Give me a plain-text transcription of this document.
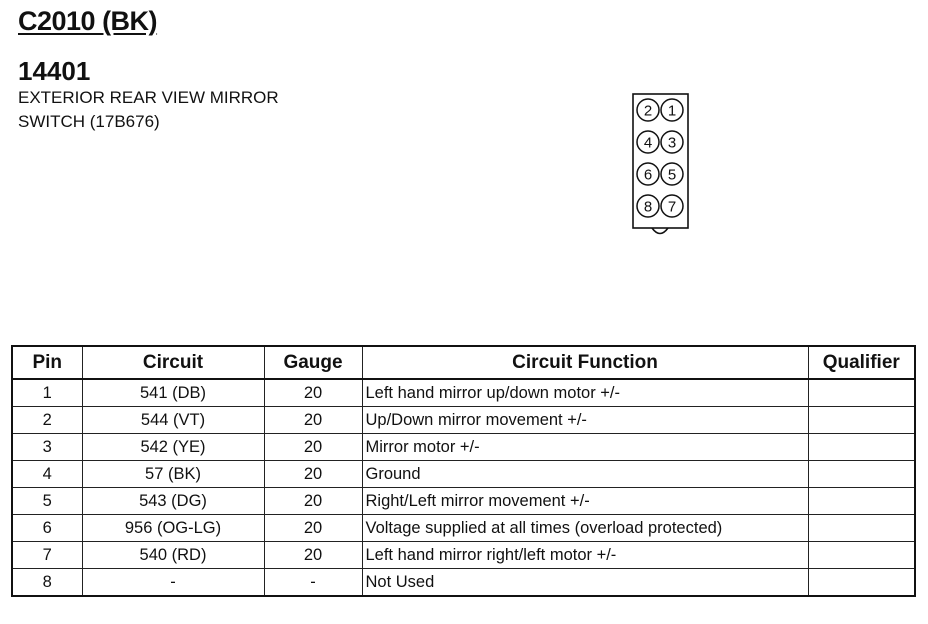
C2010 (BK)
14401
EXTERIOR REAR VIEW MIRROR
SWITCH (17B676)
2 1
4 3
6 5
8 7
Pin	Circuit	Gauge	Circuit Function	Qualifier
1	541 (DB)	20	Left hand mirror up/down motor +/-	
2	544 (VT)	20	Up/Down mirror movement +/-	
3	542 (YE)	20	Mirror motor +/-	
4	57 (BK)	20	Ground	
5	543 (DG)	20	Right/Left mirror movement +/-	
6	956 (OG-LG)	20	Voltage supplied at all times (overload protected)	
7	540 (RD)	20	Left hand mirror right/left motor +/-	
8	-	-	Not Used	
